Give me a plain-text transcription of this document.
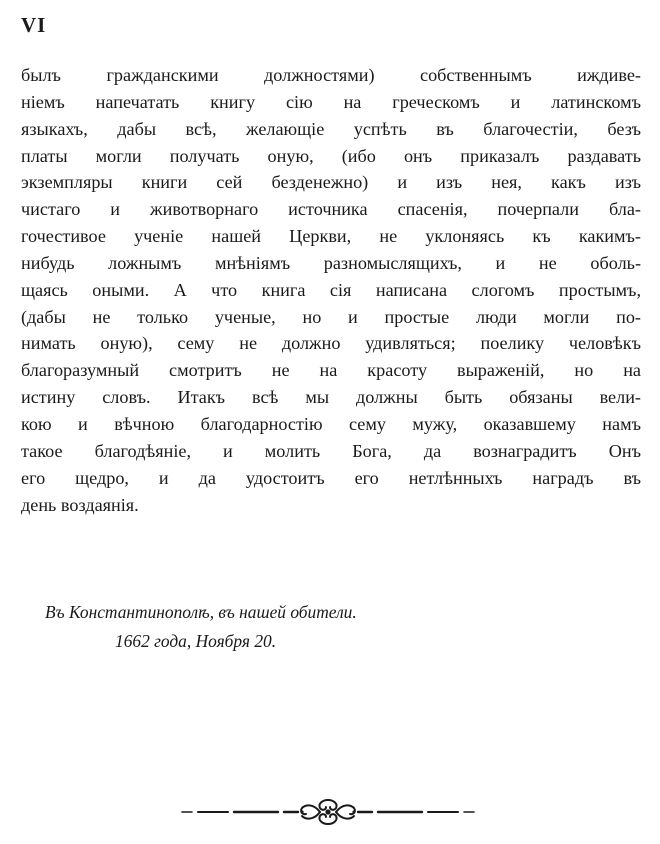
VI
былъ гражданскими должностями) собственнымъ иждиве-
ніемъ напечатать книгу сію на греческомъ и латинскомъ
языкахъ, дабы всѣ, желающіе успѣть въ благочестіи, безъ
платы могли получать оную, (ибо онъ приказалъ раздавать
экземпляры книги сей безденежно) и изъ нея, какъ изъ
чистаго и животворнаго источника спасенія, почерпали бла-
гочестивое ученіе нашей Церкви, не уклоняясь къ какимъ-
нибудь ложнымъ мнѣніямъ разномыслящихъ, и не оболь-
щаясь оными. А что книга сія написана слогомъ простымъ,
(дабы не только ученые, но и простые люди могли по-
нимать оную), сему не должно удивляться; поелику человѣкъ
благоразумный смотритъ не на красоту выраженій, но на
истину словъ. Итакъ всѣ мы должны быть обязаны вели-
кою и вѣчною благодарностію сему мужу, оказавшему намъ
такое благодѣяніе, и молить Бога, да вознаградитъ Онъ
его щедро, и да удостоитъ его нетлѣнныхъ наградъ въ
день воздаянія.
Въ Константинополѣ, въ нашей обители.

1662 года, Ноября 20.
